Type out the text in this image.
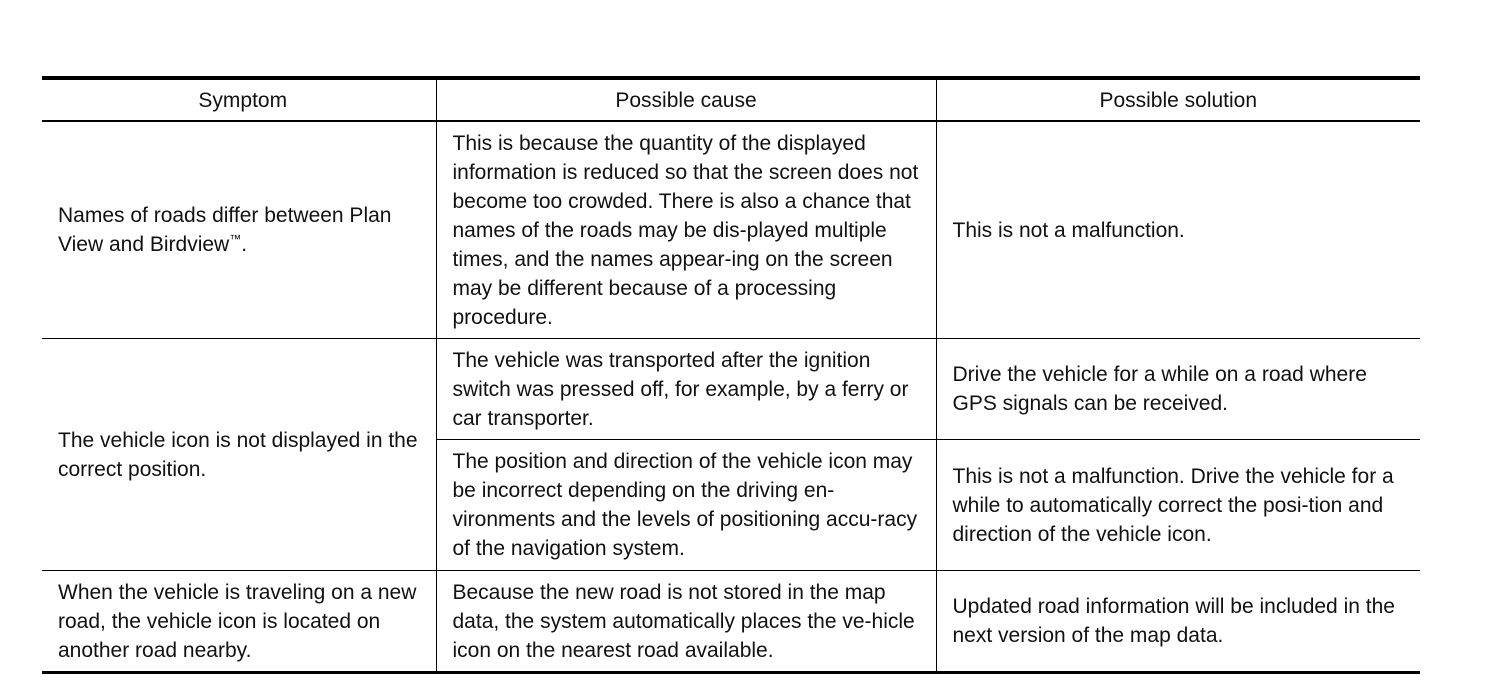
Symptom	Possible cause	Possible solution
Names of roads differ between Plan View and Birdview™.	This is because the quantity of the displayed information is reduced so that the screen does not become too crowded. There is also a chance that names of the roads may be dis-played multiple times, and the names appear-ing on the screen may be different because of a processing procedure.	This is not a malfunction.
The vehicle icon is not displayed in the correct position.	The vehicle was transported after the ignition switch was pressed off, for example, by a ferry or car transporter.	Drive the vehicle for a while on a road where GPS signals can be received.
	The position and direction of the vehicle icon may be incorrect depending on the driving en-vironments and the levels of positioning accu-racy of the navigation system.	This is not a malfunction. Drive the vehicle for a while to automatically correct the posi-tion and direction of the vehicle icon.
When the vehicle is traveling on a new road, the vehicle icon is located on another road nearby.	Because the new road is not stored in the map data, the system automatically places the ve-hicle icon on the nearest road available.	Updated road information will be included in the next version of the map data.
